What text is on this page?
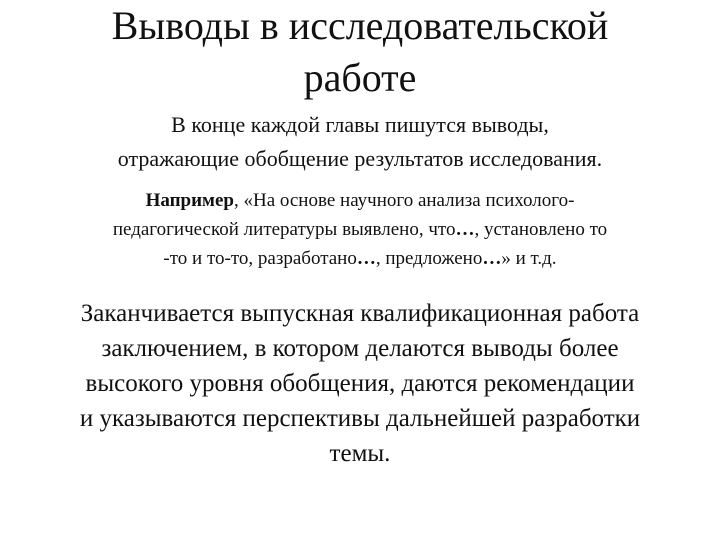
Выводы в исследовательской
работе
В конце каждой главы пишутся выводы,
отражающие обобщение результатов исследования.
Например, «На основе научного анализа психолого-
педагогической литературы выявлено, что…, установлено то
-то и то-то, разработано…, предложено…» и т.д.
Заканчивается выпускная квалификационная работа
заключением, в котором делаются выводы более
высокого уровня обобщения, даются рекомендации
и указываются перспективы дальнейшей разработки
темы.
